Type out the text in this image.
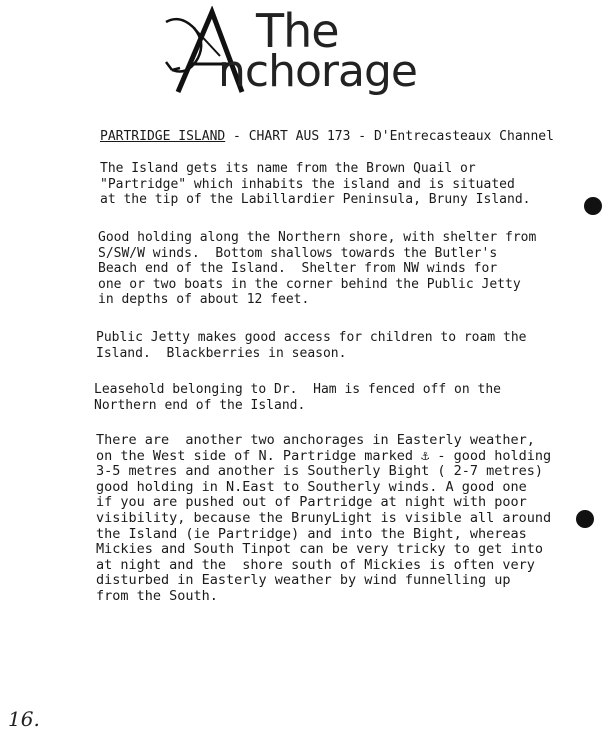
The
nchorage
PARTRIDGE ISLAND - CHART AUS 173 - D'Entrecasteaux Channel
The Island gets its name from the Brown Quail or
"Partridge" which inhabits the island and is situated
at the tip of the Labillardier Peninsula, Bruny Island.
Good holding along the Northern shore, with shelter from
S/SW/W winds.  Bottom shallows towards the Butler's
Beach end of the Island.  Shelter from NW winds for
one or two boats in the corner behind the Public Jetty
in depths of about 12 feet.
Public Jetty makes good access for children to roam the
Island.  Blackberries in season.
Leasehold belonging to Dr.  Ham is fenced off on the
Northern end of the Island.
There are  another two anchorages in Easterly weather,
on the West side of N. Partridge marked ⚓ - good holding
3-5 metres and another is Southerly Bight ( 2-7 metres)
good holding in N.East to Southerly winds. A good one
if you are pushed out of Partridge at night with poor
visibility, because the BrunyLight is visible all around
the Island (ie Partridge) and into the Bight, whereas
Mickies and South Tinpot can be very tricky to get into
at night and the  shore south of Mickies is often very
disturbed in Easterly weather by wind funnelling up
from the South.
16.
